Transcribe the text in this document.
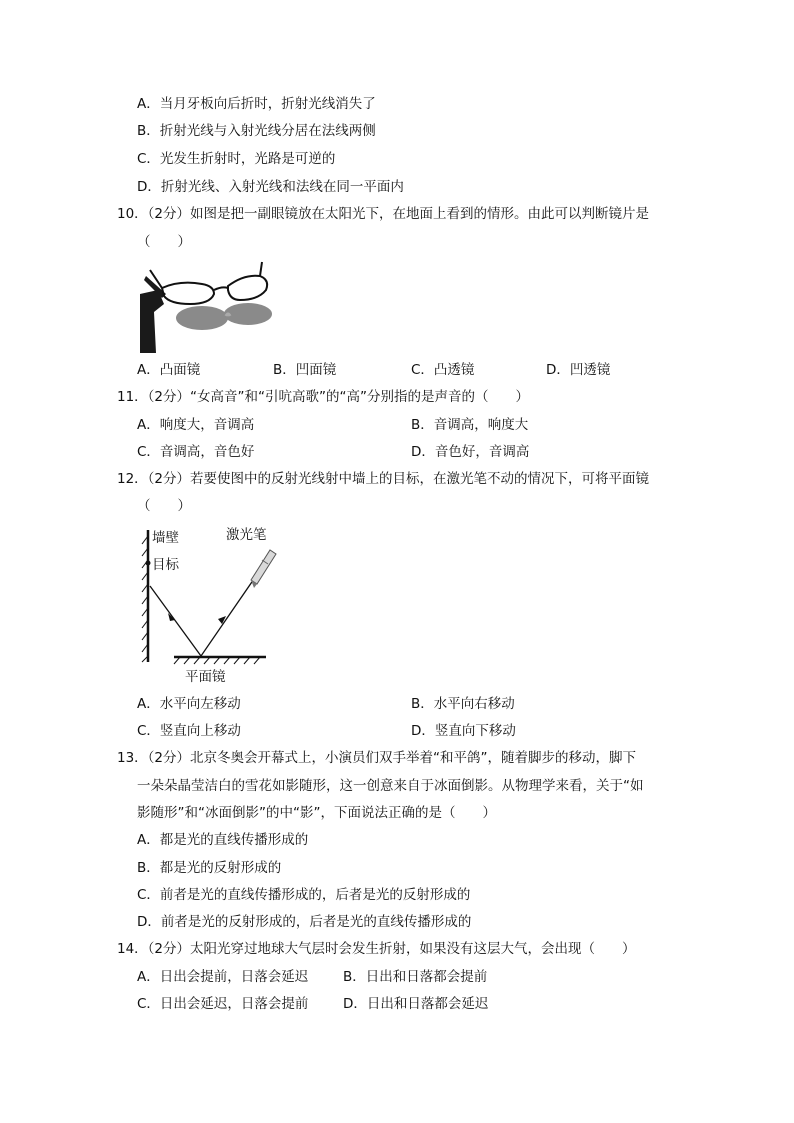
A．当月牙板向后折时，折射光线消失了
B．折射光线与入射光线分居在法线两侧
C．光发生折射时，光路是可逆的
D．折射光线、入射光线和法线在同一平面内
10．（2分）如图是把一副眼镜放在太阳光下，在地面上看到的情形。由此可以判断镜片是
（　　）
A．凸面镜	B．凹面镜	C．凸透镜	D．凹透镜
11．（2分）“女高音”和“引吭高歌”的“高”分别指的是声音的（　　）
A．响度大，音调高	B．音调高，响度大
C．音调高，音色好	D．音色好，音调高
12．（2分）若要使图中的反射光线射中墙上的目标，在激光笔不动的情况下，可将平面镜
（　　）
墙壁
目标
激光笔
平面镜
A．水平向左移动	B．水平向右移动
C．竖直向上移动	D．竖直向下移动
13．（2分）北京冬奥会开幕式上，小演员们双手举着“和平鸽”，随着脚步的移动，脚下
一朵朵晶莹洁白的雪花如影随形，这一创意来自于冰面倒影。从物理学来看，关于“如
影随形”和“冰面倒影”的中“影”，下面说法正确的是（　　）
A．都是光的直线传播形成的
B．都是光的反射形成的
C．前者是光的直线传播形成的，后者是光的反射形成的
D．前者是光的反射形成的，后者是光的直线传播形成的
14．（2分）太阳光穿过地球大气层时会发生折射，如果没有这层大气，会出现（　　）
A．日出会提前，日落会延迟	B．日出和日落都会提前
C．日出会延迟，日落会提前	D．日出和日落都会延迟
